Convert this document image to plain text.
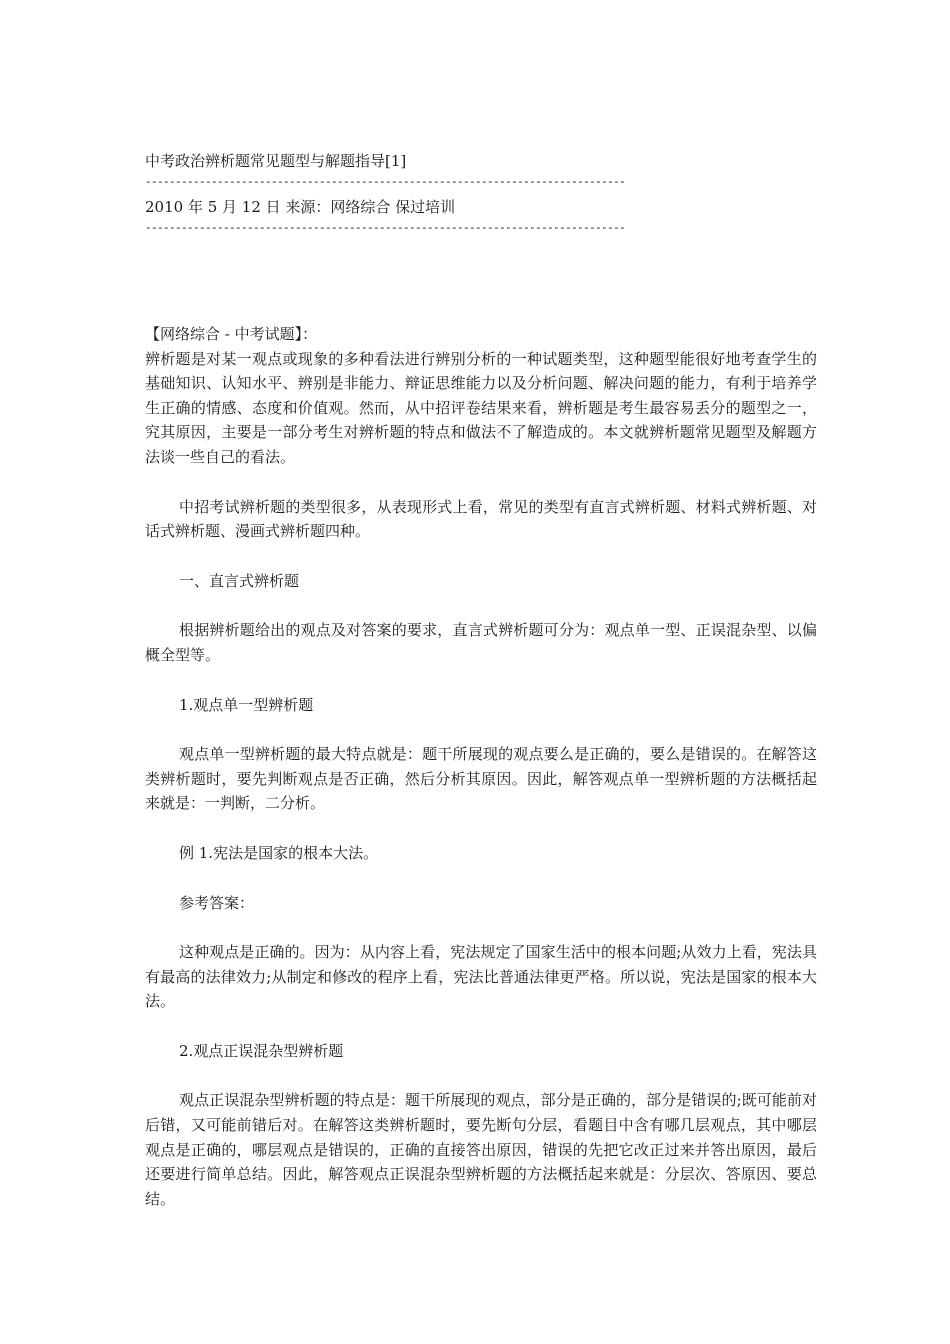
中考政治辨析题常见题型与解题指导[1]

--------------------------------------------------------------------------------

2010 年 5 月 12 日 来源：网络综合 保过培训

--------------------------------------------------------------------------------

【网络综合 - 中考试题】：

辨析题是对某一观点或现象的多种看法进行辨别分析的一种试题类型，这种题型能很好地考查学生的基础知识、认知水平、辨别是非能力、辩证思维能力以及分析问题、解决问题的能力，有利于培养学生正确的情感、态度和价值观。然而，从中招评卷结果来看，辨析题是考生最容易丢分的题型之一，究其原因，主要是一部分考生对辨析题的特点和做法不了解造成的。本文就辨析题常见题型及解题方法谈一些自己的看法。

中招考试辨析题的类型很多，从表现形式上看，常见的类型有直言式辨析题、材料式辨析题、对话式辨析题、漫画式辨析题四种。

一、直言式辨析题

根据辨析题给出的观点及对答案的要求，直言式辨析题可分为：观点单一型、正误混杂型、以偏概全型等。

1.观点单一型辨析题

观点单一型辨析题的最大特点就是：题干所展现的观点要么是正确的，要么是错误的。在解答这类辨析题时，要先判断观点是否正确，然后分析其原因。因此，解答观点单一型辨析题的方法概括起来就是：一判断，二分析。

例 1.宪法是国家的根本大法。

参考答案：

这种观点是正确的。因为：从内容上看，宪法规定了国家生活中的根本问题;从效力上看，宪法具有最高的法律效力;从制定和修改的程序上看，宪法比普通法律更严格。所以说，宪法是国家的根本大法。

2.观点正误混杂型辨析题

观点正误混杂型辨析题的特点是：题干所展现的观点，部分是正确的，部分是错误的;既可能前对后错，又可能前错后对。在解答这类辨析题时，要先断句分层，看题目中含有哪几层观点，其中哪层观点是正确的，哪层观点是错误的，正确的直接答出原因，错误的先把它改正过来并答出原因，最后还要进行简单总结。因此，解答观点正误混杂型辨析题的方法概括起来就是：分层次、答原因、要总结。
